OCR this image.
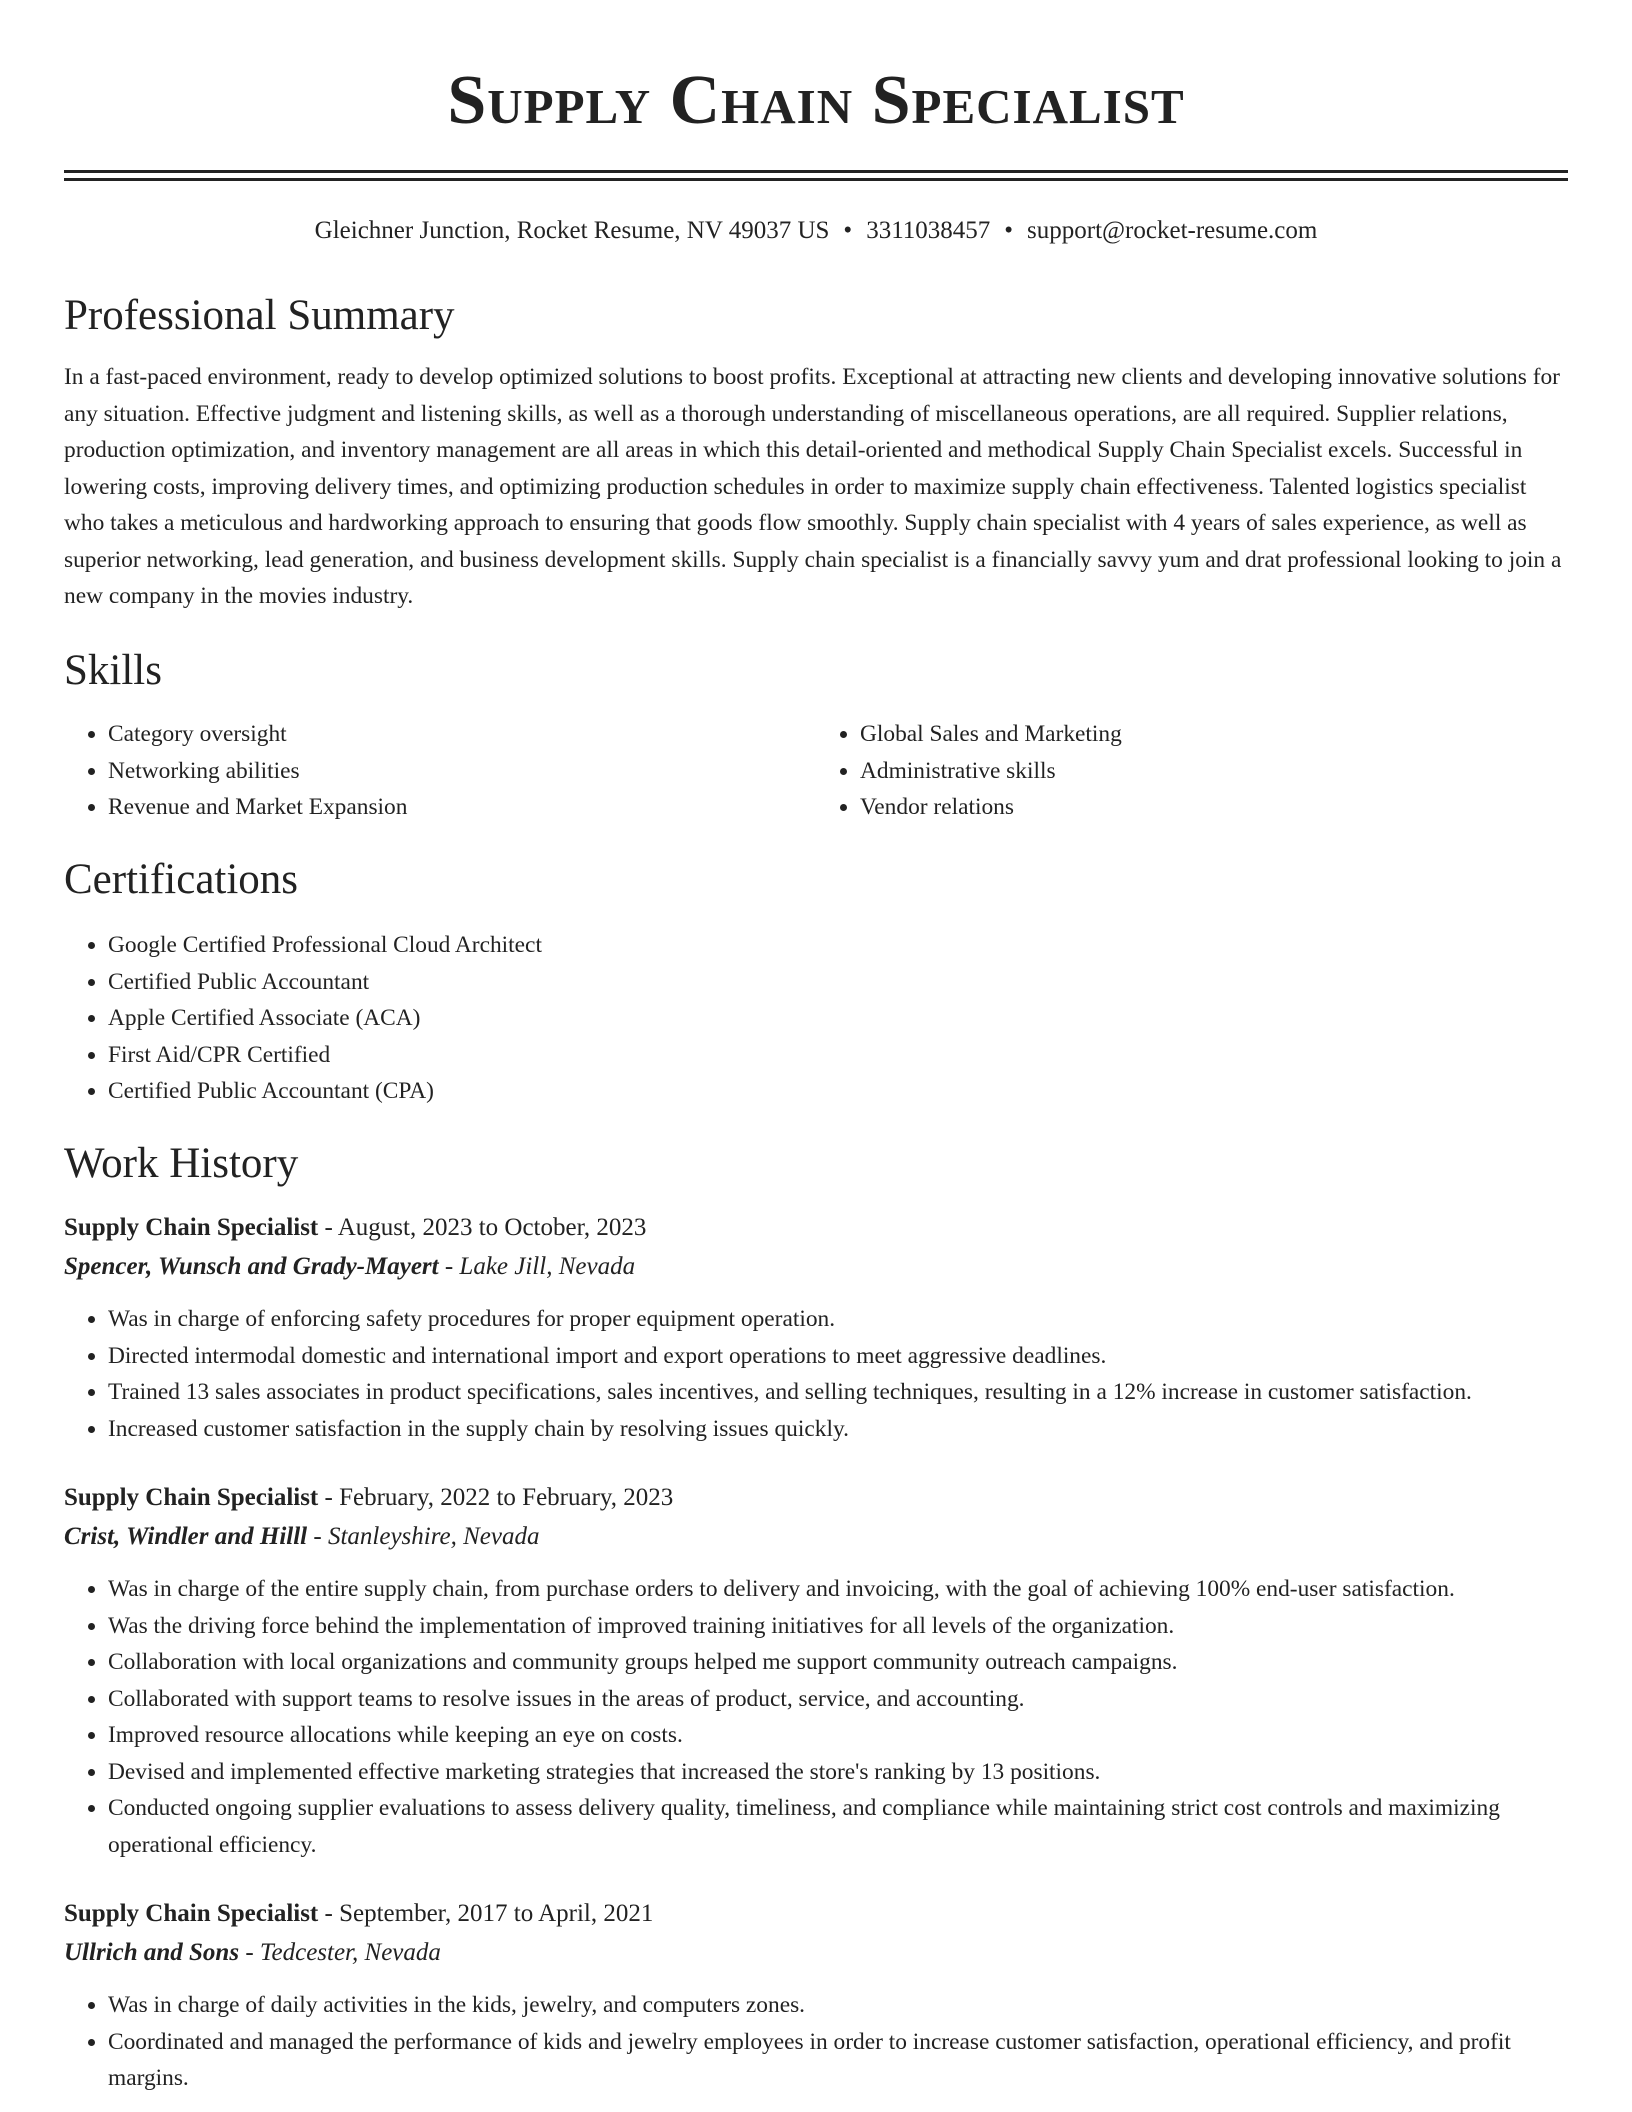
Supply Chain Specialist
Gleichner Junction, Rocket Resume, NV 49037 US • 3311038457 • support@rocket-resume.com
Professional Summary

In a fast-paced environment, ready to develop optimized solutions to boost profits. Exceptional at attracting new clients and developing innovative solutions for any situation. Effective judgment and listening skills, as well as a thorough understanding of miscellaneous operations, are all required. Supplier relations, production optimization, and inventory management are all areas in which this detail-oriented and methodical Supply Chain Specialist excels. Successful in lowering costs, improving delivery times, and optimizing production schedules in order to maximize supply chain effectiveness. Talented logistics specialist who takes a meticulous and hardworking approach to ensuring that goods flow smoothly. Supply chain specialist with 4 years of sales experience, as well as superior networking, lead generation, and business development skills. Supply chain specialist is a financially savvy yum and drat professional looking to join a new company in the movies industry.

Skills
• Category oversight
• Networking abilities
• Revenue and Market Expansion
• Global Sales and Marketing
• Administrative skills
• Vendor relations
Certifications
• Google Certified Professional Cloud Architect
• Certified Public Accountant
• Apple Certified Associate (ACA)
• First Aid/CPR Certified
• Certified Public Accountant (CPA)
Work History
Supply Chain Specialist - August, 2023 to October, 2023
Spencer, Wunsch and Grady-Mayert - Lake Jill, Nevada
• Was in charge of enforcing safety procedures for proper equipment operation.
• Directed intermodal domestic and international import and export operations to meet aggressive deadlines.
• Trained 13 sales associates in product specifications, sales incentives, and selling techniques, resulting in a 12% increase in customer satisfaction.
• Increased customer satisfaction in the supply chain by resolving issues quickly.
Supply Chain Specialist - February, 2022 to February, 2023
Crist, Windler and Hilll - Stanleyshire, Nevada
• Was in charge of the entire supply chain, from purchase orders to delivery and invoicing, with the goal of achieving 100% end-user satisfaction.
• Was the driving force behind the implementation of improved training initiatives for all levels of the organization.
• Collaboration with local organizations and community groups helped me support community outreach campaigns.
• Collaborated with support teams to resolve issues in the areas of product, service, and accounting.
• Improved resource allocations while keeping an eye on costs.
• Devised and implemented effective marketing strategies that increased the store's ranking by 13 positions.
• Conducted ongoing supplier evaluations to assess delivery quality, timeliness, and compliance while maintaining strict cost controls and maximizing operational efficiency.
Supply Chain Specialist - September, 2017 to April, 2021
Ullrich and Sons - Tedcester, Nevada
• Was in charge of daily activities in the kids, jewelry, and computers zones.
• Coordinated and managed the performance of kids and jewelry employees in order to increase customer satisfaction, operational efficiency, and profit margins.
